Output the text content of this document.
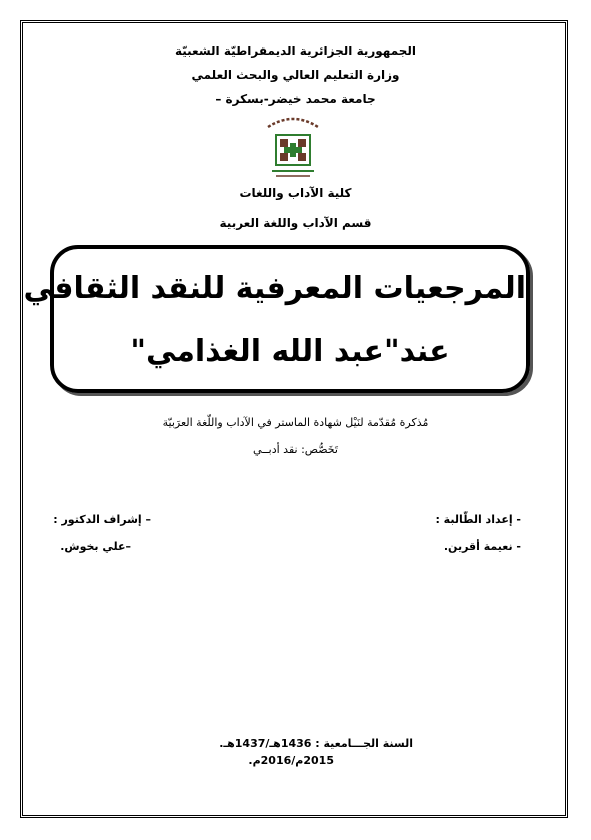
الجمهورية الجزائرية الديمقراطيّة الشعبيّة
وزارة التعليم العالي والبحث العلمي
جامعة محمد خيضر-بسكرة –
كلية الآداب واللغات
قسم الآداب واللغة العربية
المرجعيات المعرفية للنقد الثقافي
عند"عبد الله الغذامي"
مُذكرة مُقدّمة لنَيْل شهادة الماستر في الآداب واللّغة العرَبيّة
تَخَصُّص: نقد أدبــي
- إعداد الطّالبة :
- نعيمة أقرين.
– إشراف الدكتور :
–علي بخوش.
السنة الجـــامعية : 1436هـ/1437هـ.
2015م/2016م.
